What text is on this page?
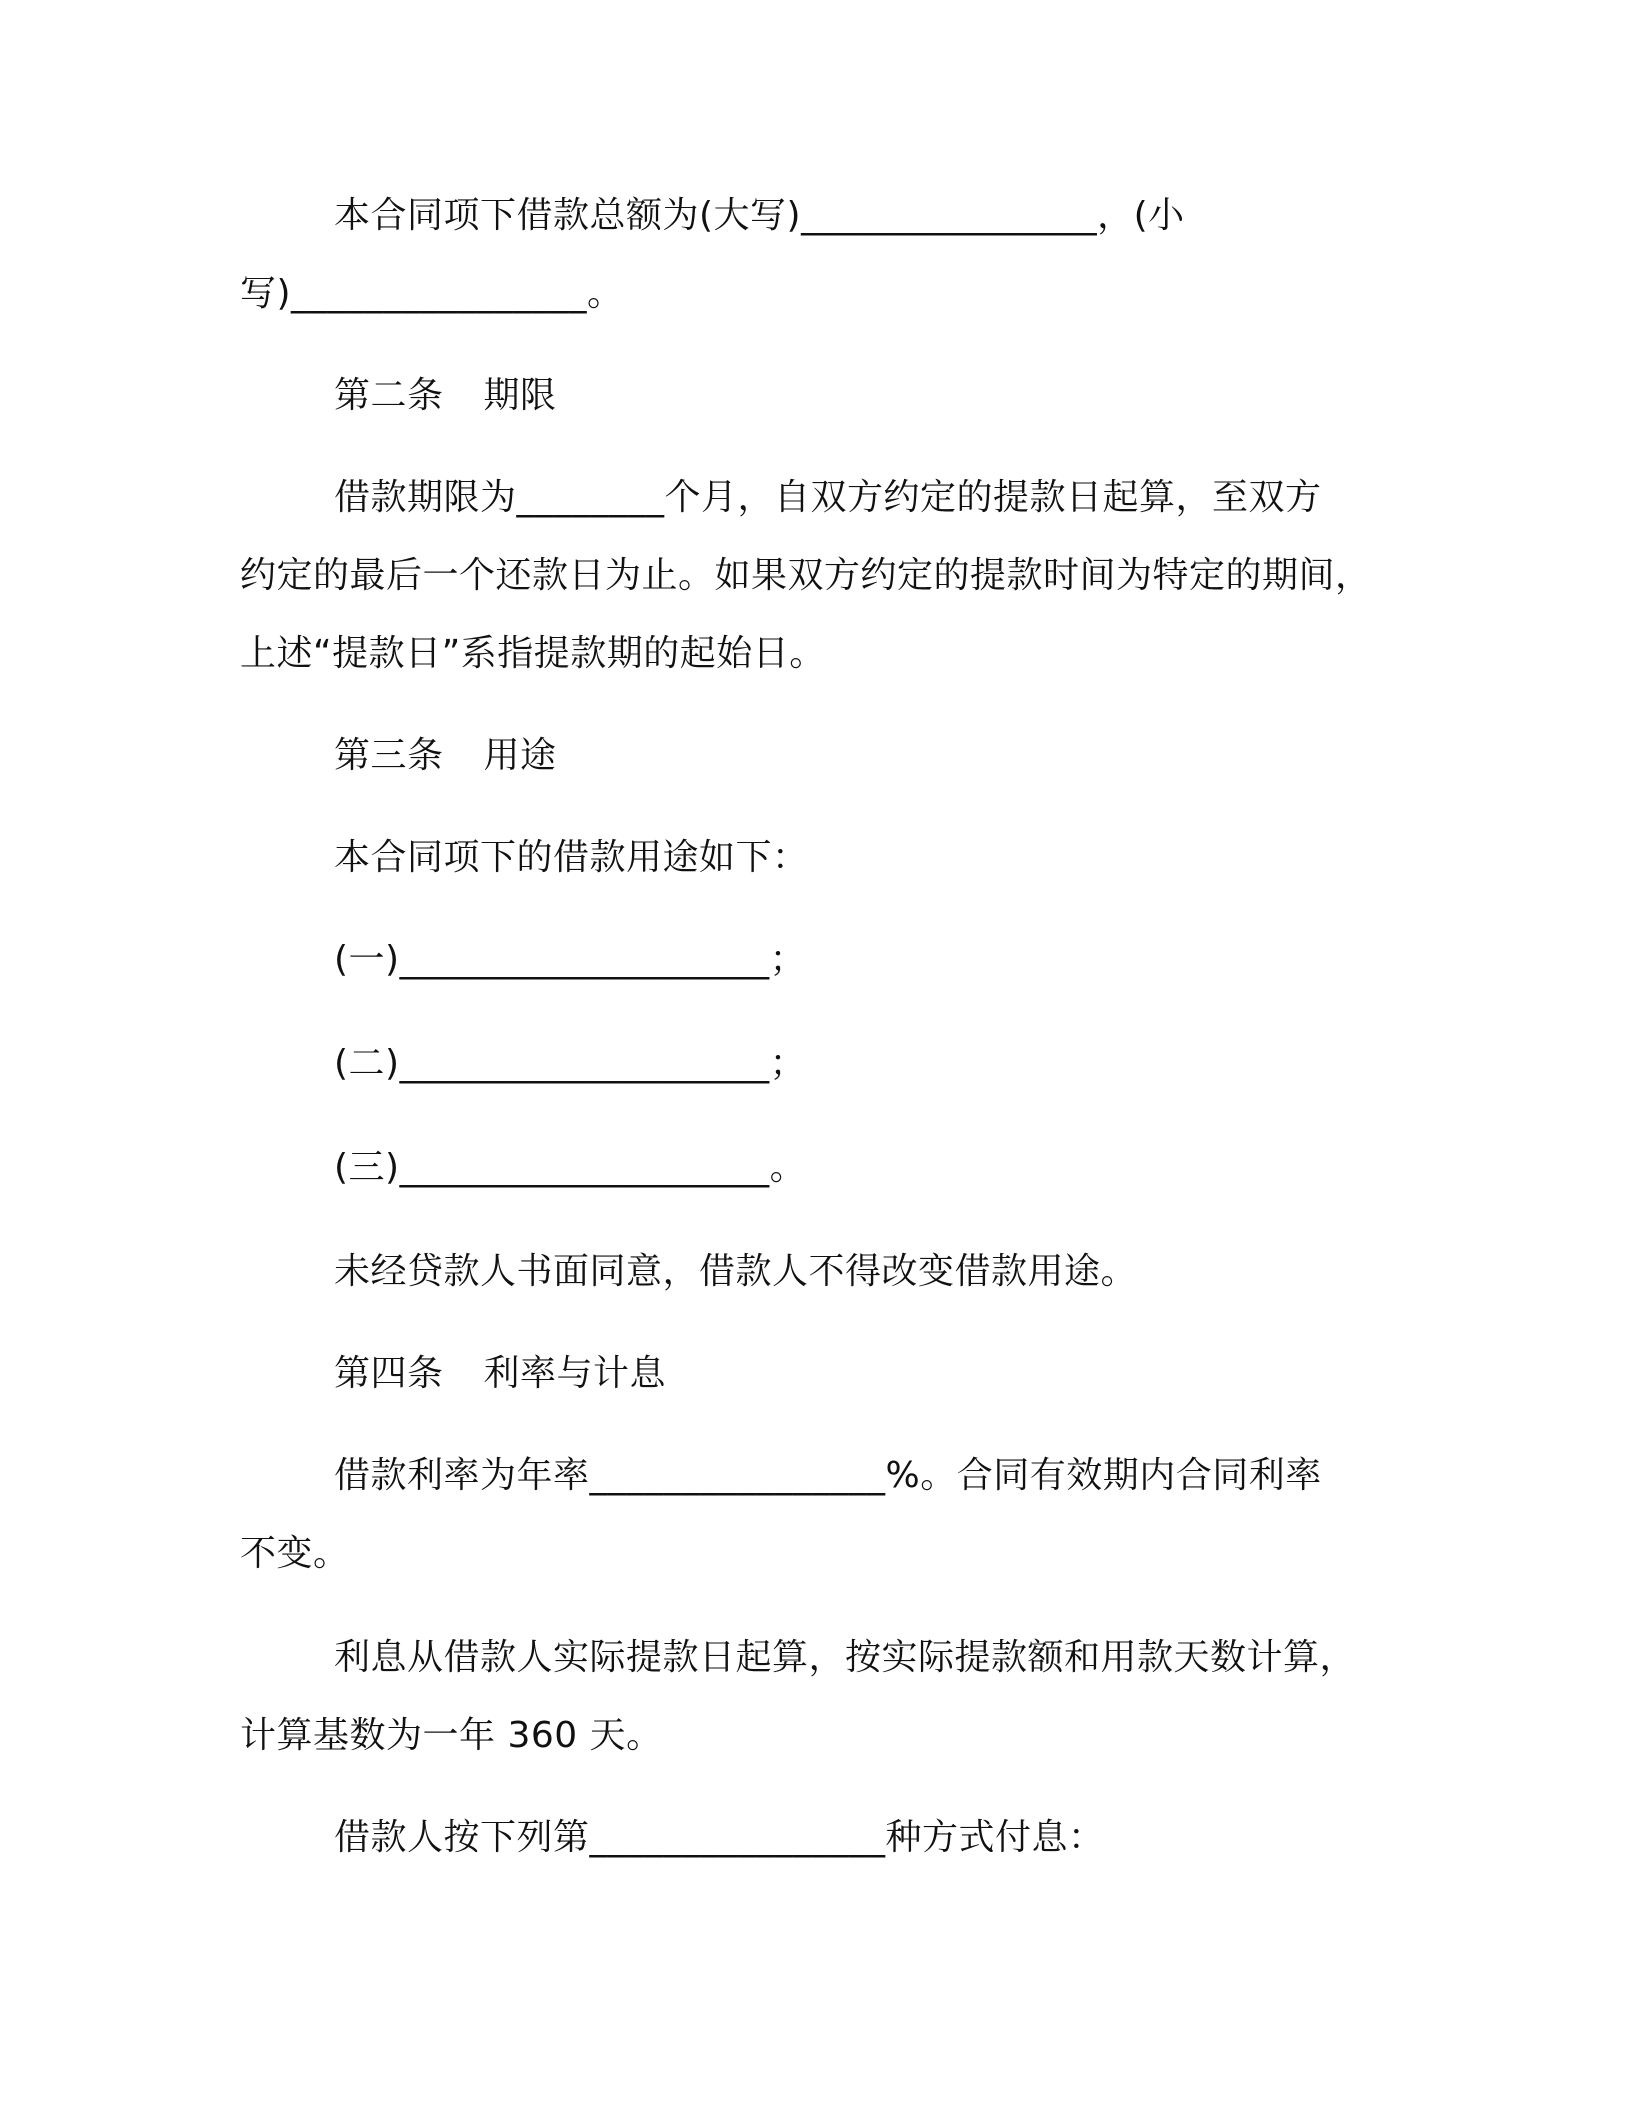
本合同项下借款总额为(大写)________________，(小
写)________________。
第二条 期限
借款期限为________个月，自双方约定的提款日起算，至双方
约定的最后一个还款日为止。如果双方约定的提款时间为特定的期间，
上述“提款日”系指提款期的起始日。
第三条 用途
本合同项下的借款用途如下：
(一)____________________；
(二)____________________；
(三)____________________。
未经贷款人书面同意，借款人不得改变借款用途。
第四条 利率与计息
借款利率为年率________________%。合同有效期内合同利率
不变。
利息从借款人实际提款日起算，按实际提款额和用款天数计算，
计算基数为一年 360 天。
借款人按下列第________________种方式付息：
